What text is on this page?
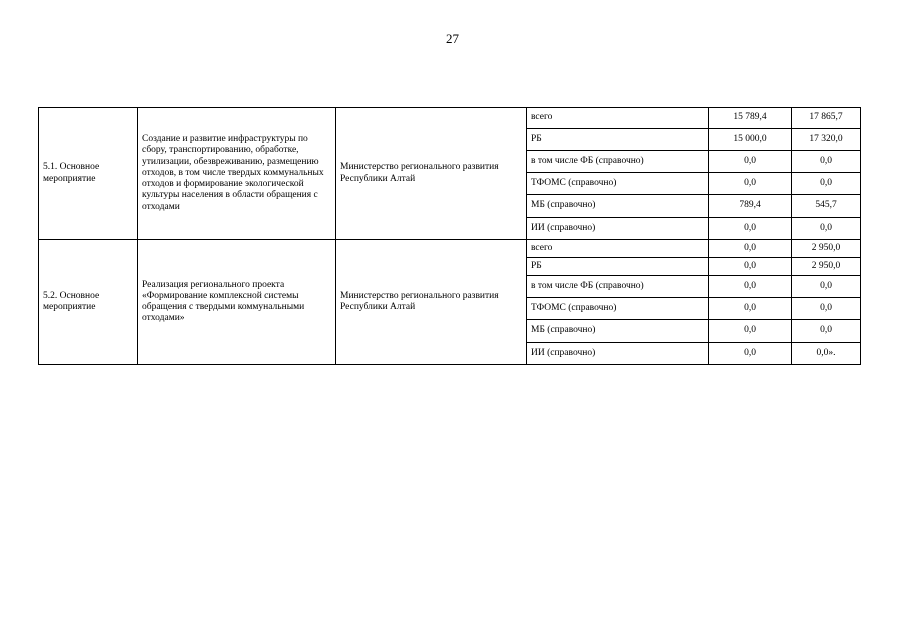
27
5.1. Основное мероприятие	Создание и развитие инфраструктуры по сбору, транспортированию, обработке, утилизации, обезвреживанию, размещению отходов, в том числе твердых коммунальных отходов и формирование экологической культуры населения в области обращения с отходами	Министерство регионального развития Республики Алтай	всего	15 789,4	17 865,7
			РБ	15 000,0	17 320,0
			в том числе ФБ (справочно)	0,0	0,0
			ТФОМС (справочно)	0,0	0,0
			МБ (справочно)	789,4	545,7
			ИИ (справочно)	0,0	0,0
5.2. Основное мероприятие	Реализация регионального проекта «Формирование комплексной системы обращения с твердыми коммунальными отходами»	Министерство регионального развития Республики Алтай	всего	0,0	2 950,0
			РБ	0,0	2 950,0
			в том числе ФБ (справочно)	0,0	0,0
			ТФОМС (справочно)	0,0	0,0
			МБ (справочно)	0,0	0,0
			ИИ (справочно)	0,0	0,0».
